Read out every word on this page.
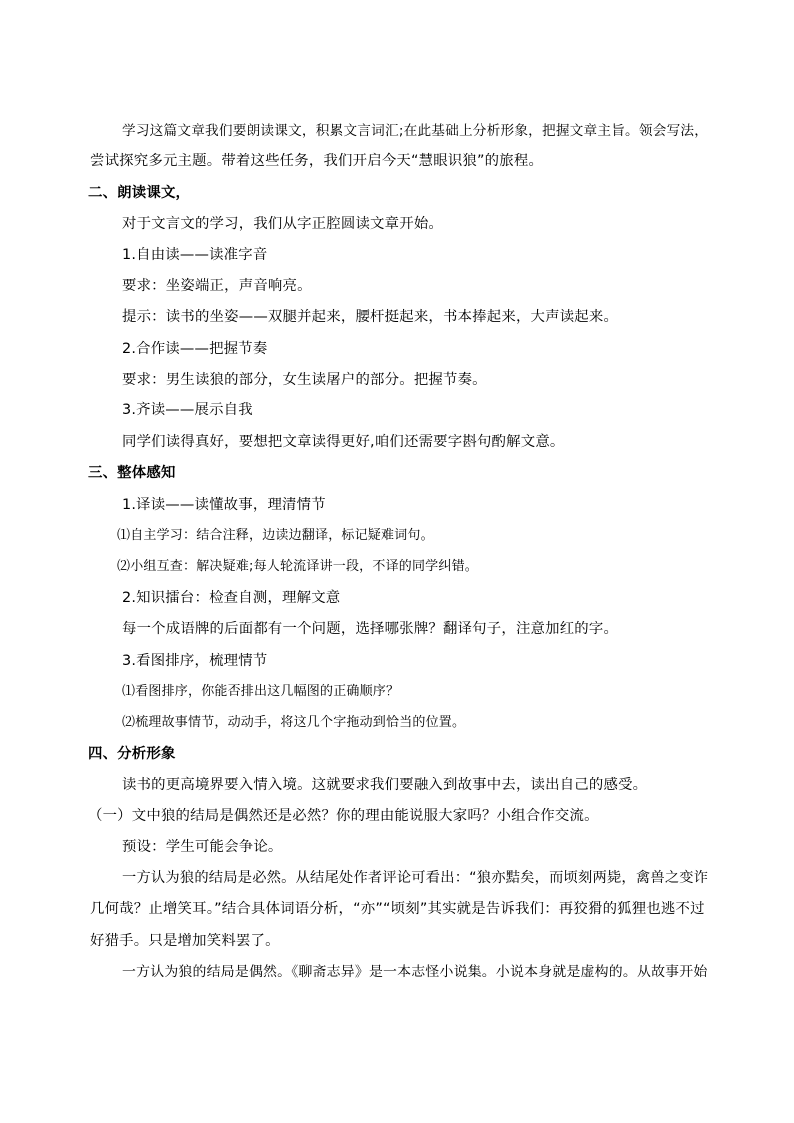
学习这篇文章我们要朗读课文，积累文言词汇;在此基础上分析形象，把握文章主旨。领会写法，
尝试探究多元主题。带着这些任务，我们开启今天“慧眼识狼”的旅程。
二、朗读课文，
对于文言文的学习，我们从字正腔圆读文章开始。
1.自由读——读准字音
要求：坐姿端正，声音响亮。
提示：读书的坐姿——双腿并起来，腰杆挺起来，书本捧起来，大声读起来。
2.合作读——把握节奏
要求：男生读狼的部分，女生读屠户的部分。把握节奏。
3.齐读——展示自我
同学们读得真好，要想把文章读得更好,咱们还需要字斟句酌解文意。
三、整体感知
1.译读——读懂故事，理清情节
⑴自主学习：结合注释，边读边翻译，标记疑难词句。
⑵小组互查：解决疑难;每人轮流译讲一段，不译的同学纠错。
2.知识擂台：检查自测，理解文意
每一个成语牌的后面都有一个问题，选择哪张牌？翻译句子，注意加红的字。
3.看图排序，梳理情节
⑴看图排序，你能否排出这几幅图的正确顺序？
⑵梳理故事情节，动动手，将这几个字拖动到恰当的位置。
四、分析形象
读书的更高境界要入情入境。这就要求我们要融入到故事中去，读出自己的感受。
（一）文中狼的结局是偶然还是必然？你的理由能说服大家吗？小组合作交流。
预设：学生可能会争论。
一方认为狼的结局是必然。从结尾处作者评论可看出：“狼亦黠矣，而顷刻两毙，禽兽之变诈
几何哉？止增笑耳。”结合具体词语分析，“亦”“顷刻”其实就是告诉我们：再狡猾的狐狸也逃不过
好猎手。只是增加笑料罢了。
一方认为狼的结局是偶然。《聊斋志异》是一本志怪小说集。小说本身就是虚构的。从故事开始
